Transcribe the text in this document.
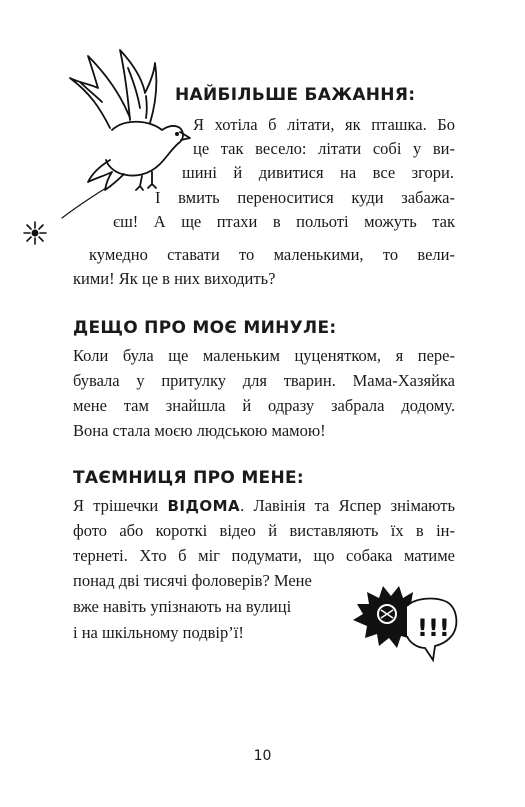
НАЙБІЛЬШЕ БАЖАННЯ:
Я хотіла б літати, як пташка. Бо
це так весело: літати собі у ви-
шині й дивитися на все згори.
І вмить переноситися куди забажа-
єш! А ще птахи в польоті можуть так
кумедно ставати то маленькими, то вели-
кими! Як це в них виходить?
ДЕЩО ПРО МОЄ МИНУЛЕ:
Коли була ще маленьким цуценятком, я пере-
бувала у притулку для тварин. Мама-Хазяйка
мене там знайшла й одразу забрала додому.
Вона стала моєю людською мамою!
ТАЄМНИЦЯ ПРО МЕНЕ:
Я трішечки ВІДОМА. Лавінія та Яспер знімають
фото або короткі відео й виставляють їх в ін-
тернеті. Хто б міг подумати, що собака матиме
понад дві тисячі фоловерів? Мене
вже навіть упізнають на вулиці
і на шкільному подвір’ї!	!!!
10
